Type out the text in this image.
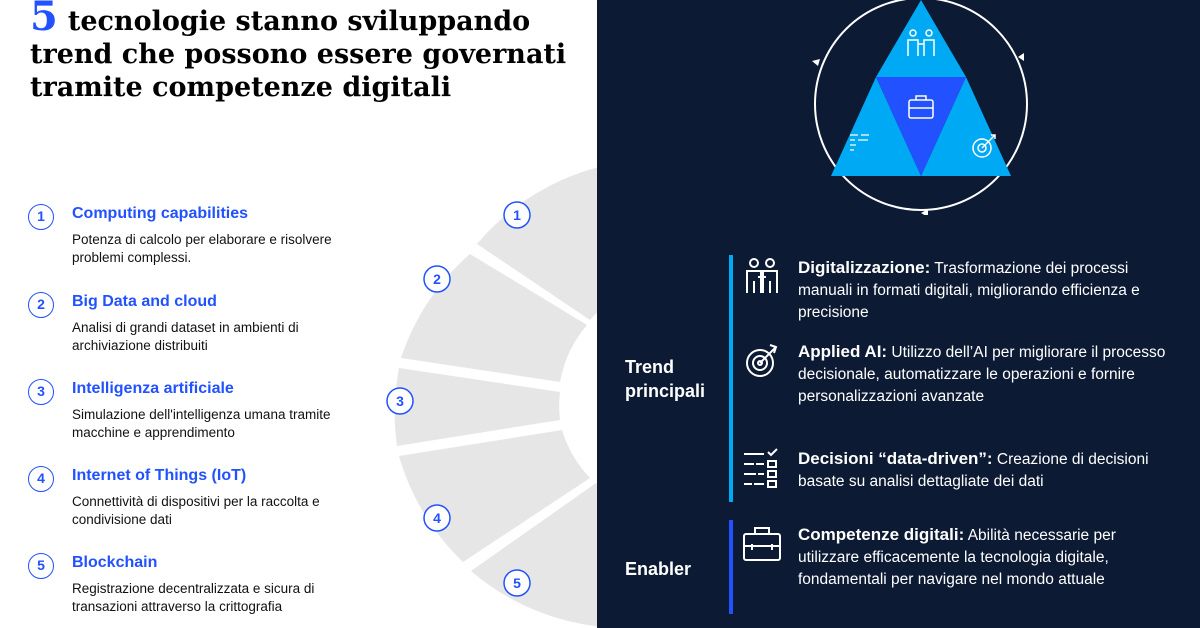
1
2
3
4
5
5 tecnologie stanno sviluppando trend che possono essere governati tramite competenze digitali
1	Computing capabilities
Potenza di calcolo per elaborare e risolvere problemi complessi.
2	Big Data and cloud
Analisi di grandi dataset in ambienti di archiviazione distribuiti
3	Intelligenza artificiale
Simulazione dell'intelligenza umana tramite macchine e apprendimento
4	Internet of Things (IoT)
Connettività di dispositivi per la raccolta e condivisione dati
5	Blockchain
Registrazione decentralizzata e sicura di transazioni attraverso la crittografia

Trend
principali

Enabler

Digitalizzazione: Trasformazione dei processi manuali in formati digitali, migliorando efficienza e precisione
Applied AI: Utilizzo dell’AI per migliorare il processo decisionale, automatizzare le operazioni e fornire personalizzazioni avanzate
Decisioni “data-driven”: Creazione di decisioni basate su analisi dettagliate dei dati
Competenze digitali: Abilità necessarie per utilizzare efficacemente la tecnologia digitale, fondamentali per navigare nel mondo attuale
